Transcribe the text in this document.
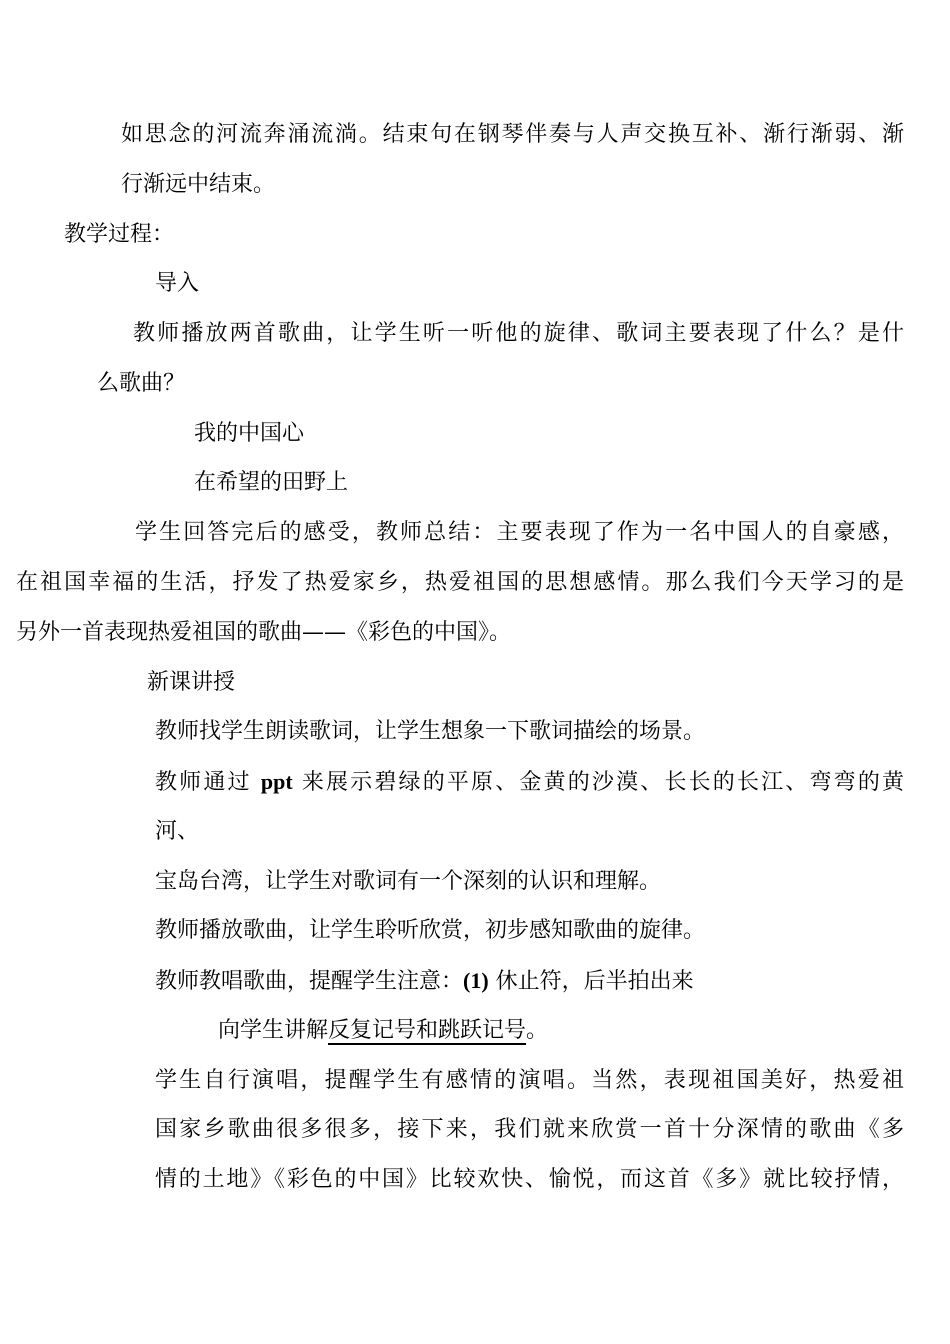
如思念的河流奔涌流淌。结束句在钢琴伴奏与人声交换互补、渐行渐弱、渐

行渐远中结束。

教学过程：

导入

教师播放两首歌曲，让学生听一听他的旋律、歌词主要表现了什么？是什

么歌曲？

我的中国心

在希望的田野上

学生回答完后的感受，教师总结：主要表现了作为一名中国人的自豪感，

在祖国幸福的生活，抒发了热爱家乡，热爱祖国的思想感情。那么我们今天学习的是

另外一首表现热爱祖国的歌曲——《彩色的中国》。

新课讲授

教师找学生朗读歌词，让学生想象一下歌词描绘的场景。

教师通过 ppt 来展示碧绿的平原、金黄的沙漠、长长的长江、弯弯的黄

河、

宝岛台湾，让学生对歌词有一个深刻的认识和理解。

教师播放歌曲，让学生聆听欣赏，初步感知歌曲的旋律。

教师教唱歌曲，提醒学生注意：(1) 休止符，后半拍出来

向学生讲解反复记号和跳跃记号。

学生自行演唱，提醒学生有感情的演唱。当然，表现祖国美好，热爱祖

国家乡歌曲很多很多，接下来，我们就来欣赏一首十分深情的歌曲《多

情的土地》《彩色的中国》比较欢快、愉悦，而这首《多》就比较抒情，
